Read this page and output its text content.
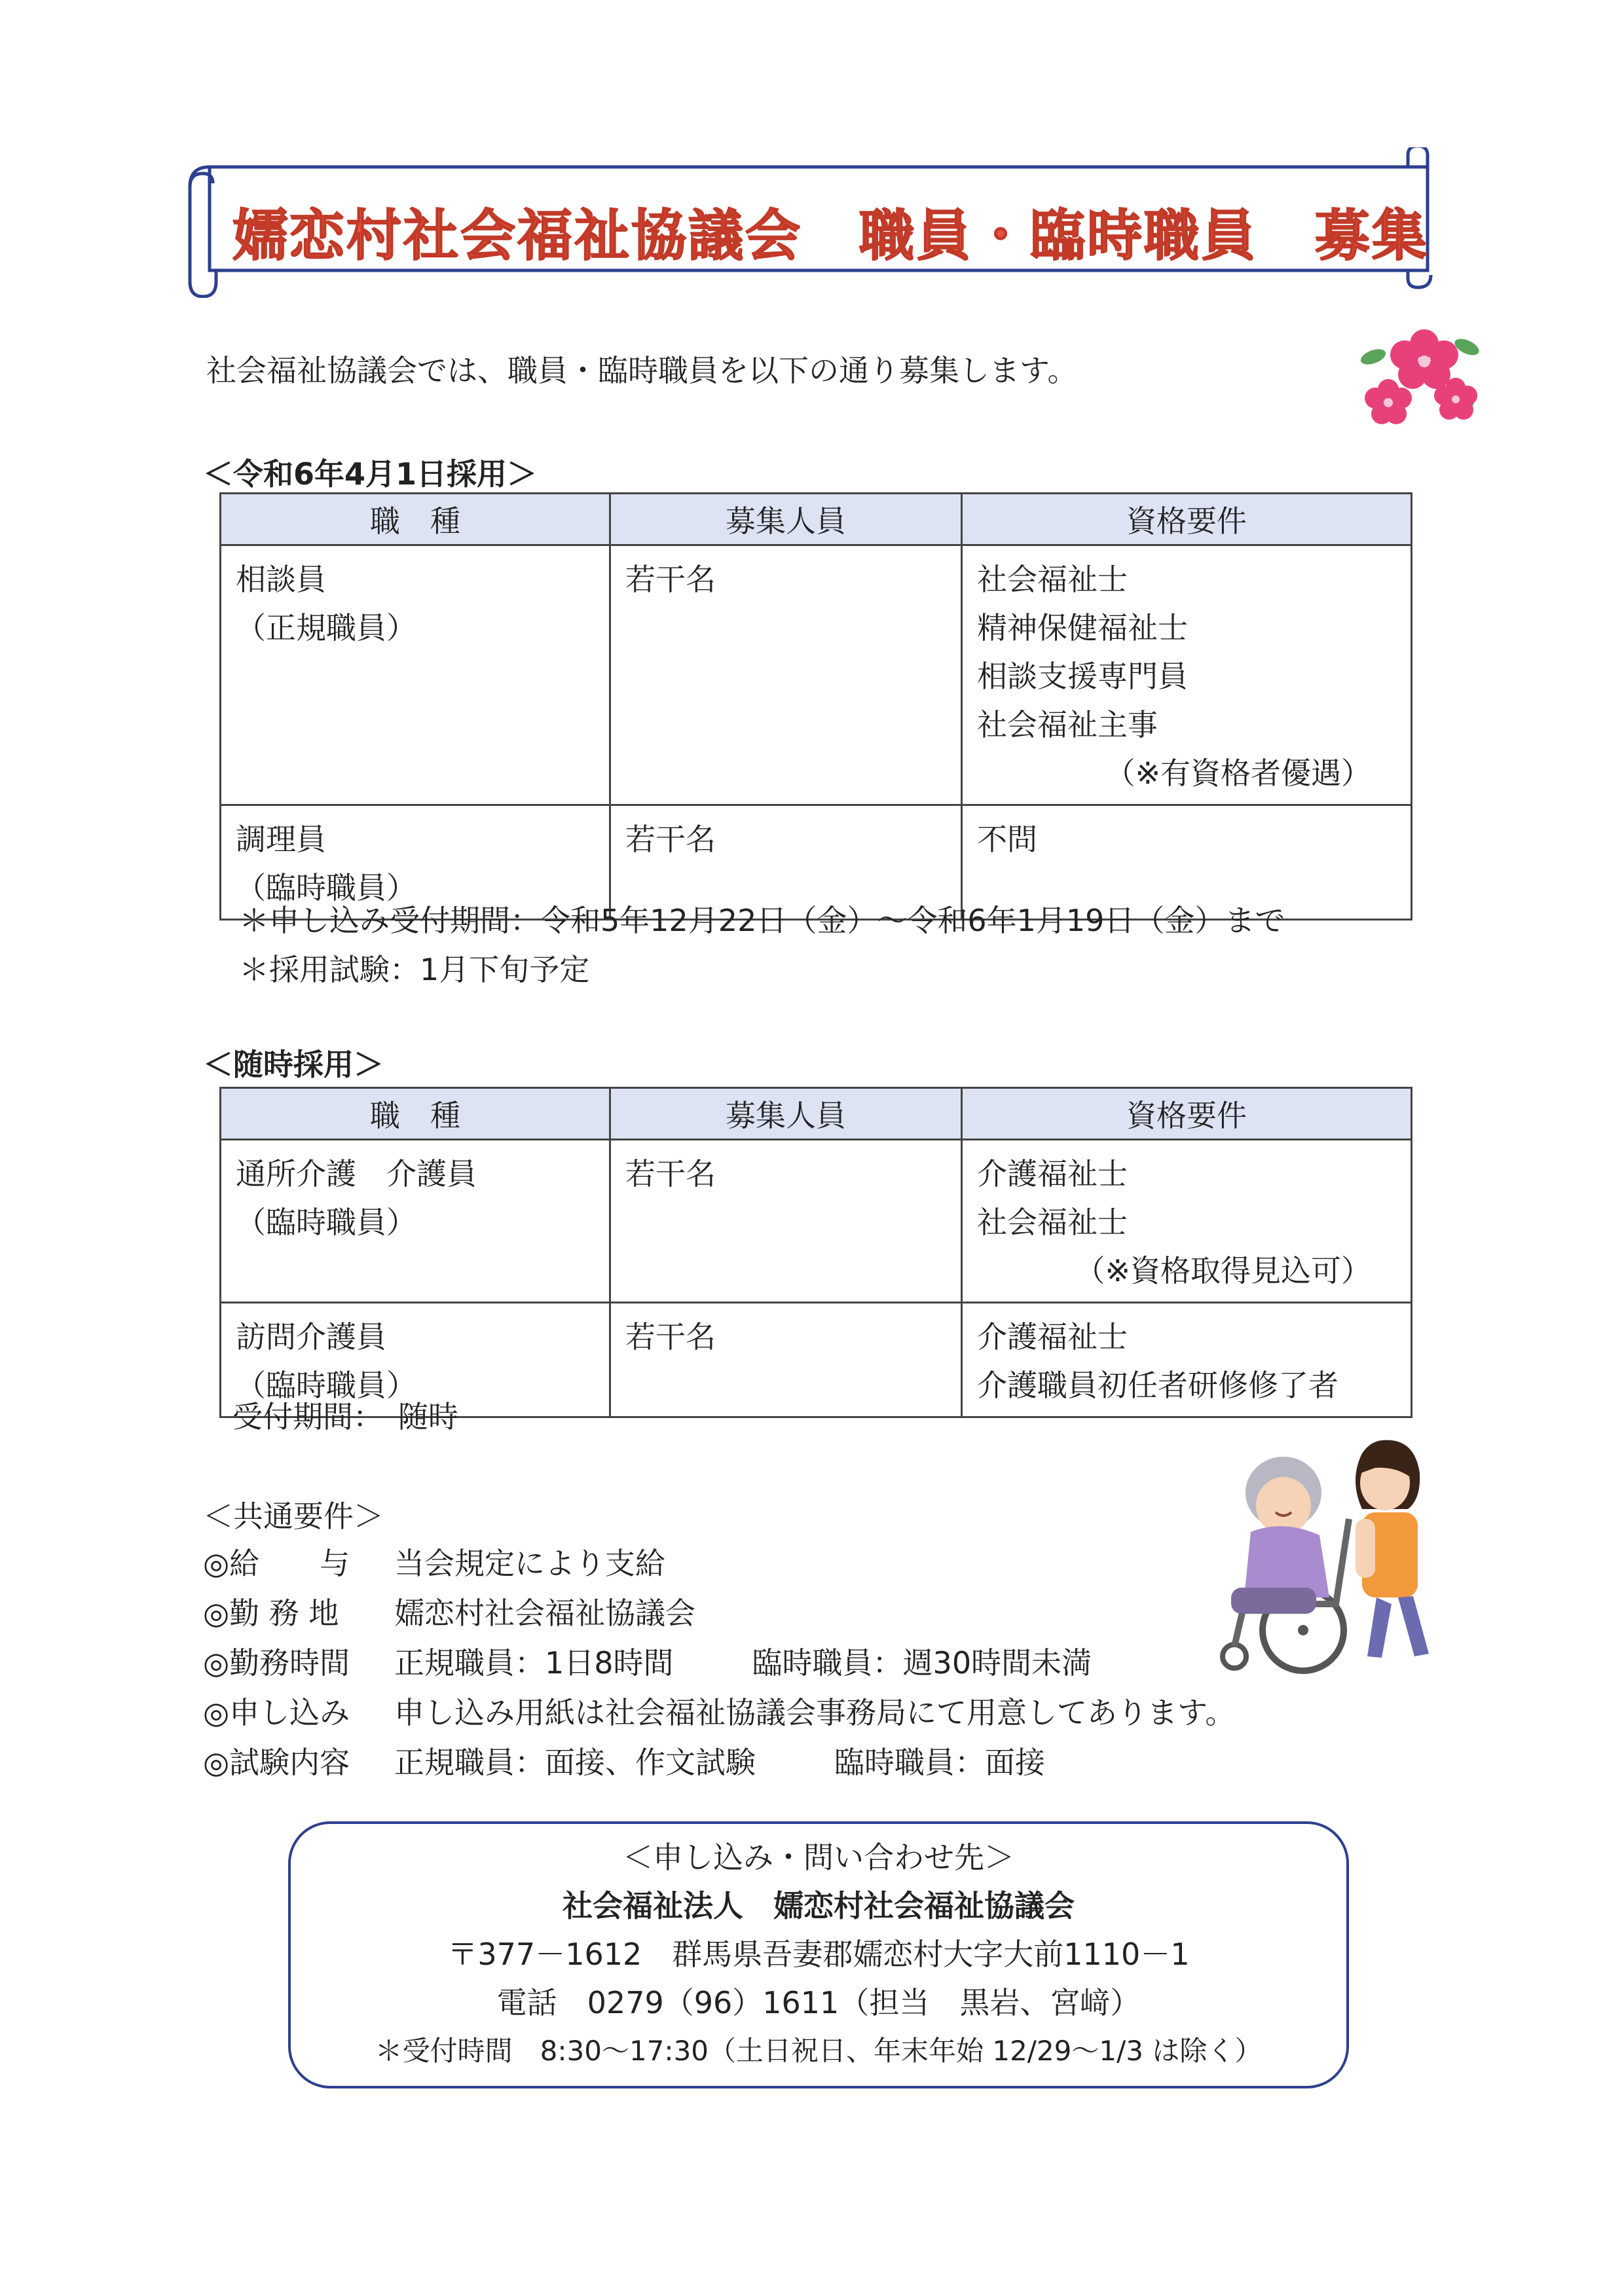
嬬恋村社会福祉協議会　職員・臨時職員　募集
社会福祉協議会では、職員・臨時職員を以下の通り募集します。
＜令和6年4月1日採用＞
職　種	募集人員	資格要件

相談員
（正規職員）	若干名	社会福祉士
精神保健福祉士
相談支援専門員
社会福祉主事
（※有資格者優遇）

調理員
（臨時職員）	若干名	不問
＊申し込み受付期間：令和5年12月22日（金）～令和6年1月19日（金）まで
＊採用試験：1月下旬予定
＜随時採用＞
職　種	募集人員	資格要件

通所介護　介護員
（臨時職員）	若干名	介護福祉士
社会福祉士
（※資格取得見込可）

訪問介護員
（臨時職員）	若干名	介護福祉士
介護職員初任者研修修了者
受付期間：　随時
＜共通要件＞
◎給　　与 当会規定により支給
◎勤 務 地 嬬恋村社会福祉協議会
◎勤務時間 正規職員：1日8時間	臨時職員：週30時間未満
◎申し込み 申し込み用紙は社会福祉協議会事務局にて用意してあります。
◎試験内容 正規職員：面接、作文試験	臨時職員：面接
＜申し込み・問い合わせ先＞
社会福祉法人　嬬恋村社会福祉協議会
〒377－1612　群馬県吾妻郡嬬恋村大字大前1110－1
電話　0279（96）1611（担当　黒岩、宮﨑）
＊受付時間　8:30～17:30（土日祝日、年末年始 12/29～1/3 は除く）
